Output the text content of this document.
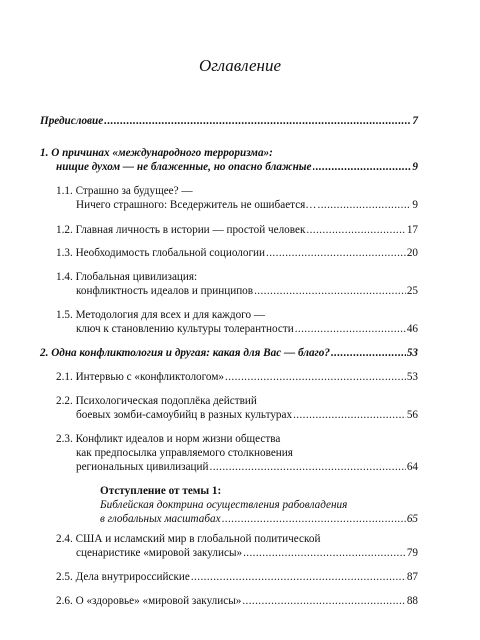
Оглавление
Предисловие .....	7
1. О причинах «международного терроризма»:
нищие духом — не блаженные, но опасно блажные .....	9
1.1. Страшно за будущее? —
Ничего страшного: Вседержитель не ошибается… .....	9
1.2. Главная личность в истории — простой человек .....	17
1.3. Необходимость глобальной социологии .....	20
1.4. Глобальная цивилизация:
конфликтность идеалов и принципов .....	25
1.5. Методология для всех и для каждого —
ключ к становлению культуры толерантности .....	46
2. Одна конфликтология и другая: какая для Вас — благо? .....	53
2.1. Интервью с «конфликтологом» .....	53
2.2. Психологическая подоплёка действий
боевых зомби-самоубийц в разных культурах .....	56
2.3. Конфликт идеалов и норм жизни общества
как предпосылка управляемого столкновения
региональных цивилизаций .....	64
Отступление от темы 1:
Библейская доктрина осуществления рабовладения
в глобальных масштабах .....	65
2.4. США и исламский мир в глобальной политической
сценаристике «мировой закулисы» .....	79
2.5. Дела внутрироссийские .....	87
2.6. О «здоровье» «мировой закулисы» .....	88
